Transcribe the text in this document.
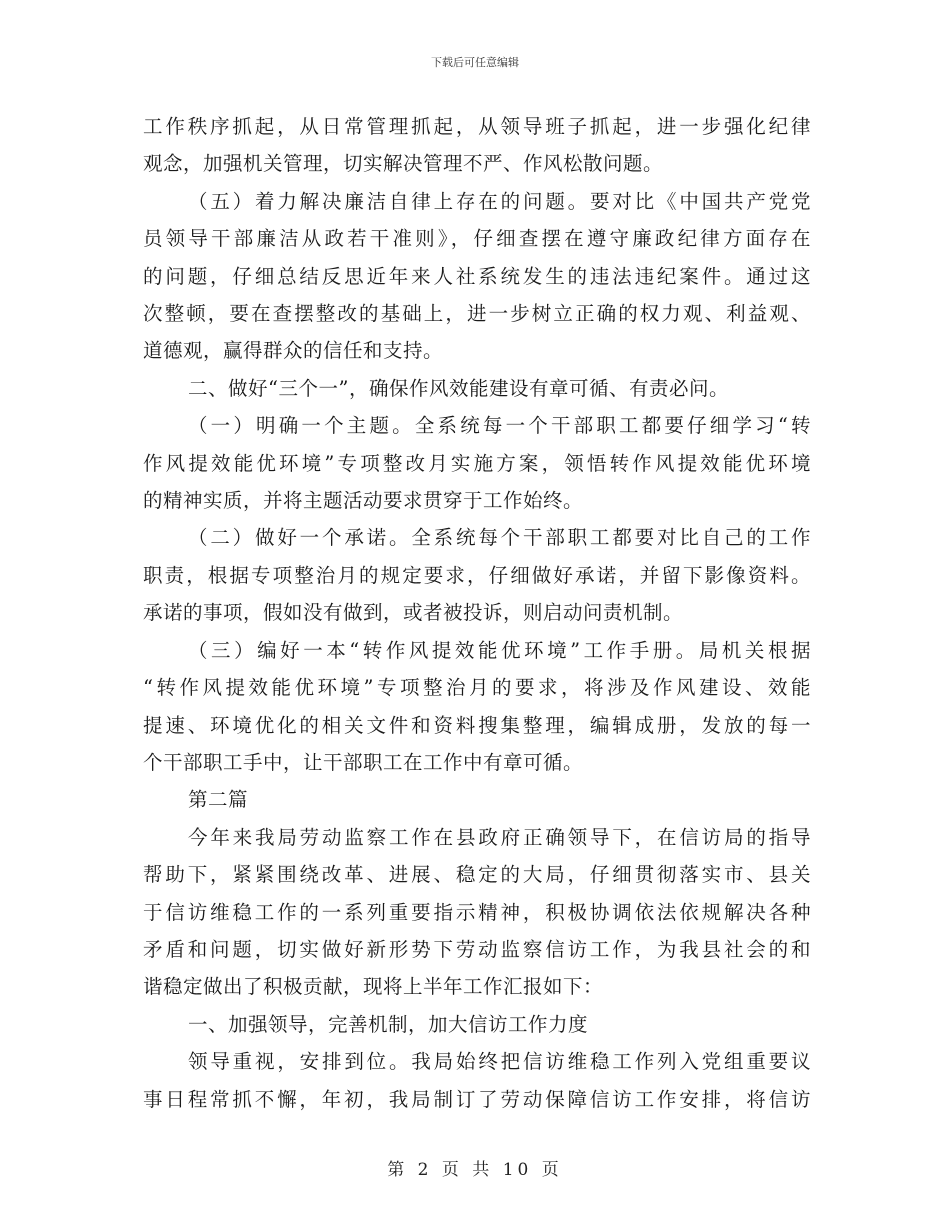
下载后可任意编辑

工作秩序抓起，从日常管理抓起，从领导班子抓起，进一步强化纪律

观念，加强机关管理，切实解决管理不严、作风松散问题。

（五）着力解决廉洁自律上存在的问题。要对比《中国共产党党

员领导干部廉洁从政若干准则》，仔细查摆在遵守廉政纪律方面存在

的问题，仔细总结反思近年来人社系统发生的违法违纪案件。通过这

次整顿，要在查摆整改的基础上，进一步树立正确的权力观、利益观、

道德观，赢得群众的信任和支持。

二、做好“三个一”，确保作风效能建设有章可循、有责必问。

（一）明确一个主题。全系统每一个干部职工都要仔细学习“转

作风提效能优环境”专项整改月实施方案，领悟转作风提效能优环境

的精神实质，并将主题活动要求贯穿于工作始终。

（二）做好一个承诺。全系统每个干部职工都要对比自己的工作

职责，根据专项整治月的规定要求，仔细做好承诺，并留下影像资料。

承诺的事项，假如没有做到，或者被投诉，则启动问责机制。

（三）编好一本“转作风提效能优环境”工作手册。局机关根据

“转作风提效能优环境”专项整治月的要求，将涉及作风建设、效能

提速、环境优化的相关文件和资料搜集整理，编辑成册，发放的每一

个干部职工手中，让干部职工在工作中有章可循。

第二篇

今年来我局劳动监察工作在县政府正确领导下，在信访局的指导

帮助下，紧紧围绕改革、进展、稳定的大局，仔细贯彻落实市、县关

于信访维稳工作的一系列重要指示精神，积极协调依法依规解决各种

矛盾和问题，切实做好新形势下劳动监察信访工作，为我县社会的和

谐稳定做出了积极贡献，现将上半年工作汇报如下：

一、加强领导，完善机制，加大信访工作力度

领导重视，安排到位。我局始终把信访维稳工作列入党组重要议

事日程常抓不懈，年初，我局制订了劳动保障信访工作安排，将信访

第 2 页 共 10 页
